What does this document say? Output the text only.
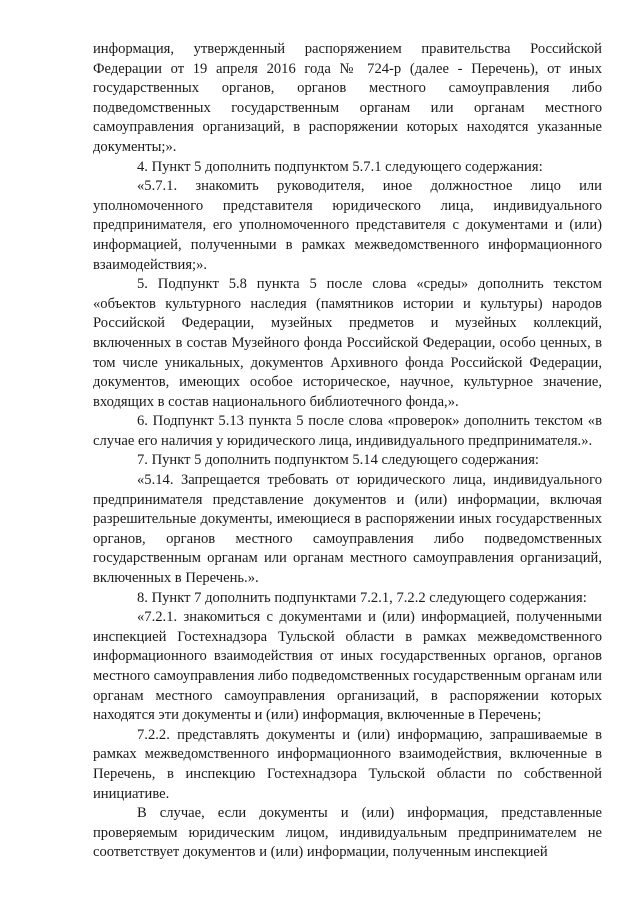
информация, утвержденный распоряжением правительства Российской Федерации от 19 апреля 2016 года № 724-р (далее - Перечень), от иных государственных органов, органов местного самоуправления либо подведомственных государственным органам или органам местного самоуправления организаций, в распоряжении которых находятся указанные документы;».

4. Пункт 5 дополнить подпунктом 5.7.1 следующего содержания:

«5.7.1. знакомить руководителя, иное должностное лицо или уполномоченного представителя юридического лица, индивидуального предпринимателя, его уполномоченного представителя с документами и (или) информацией, полученными в рамках межведомственного информационного взаимодействия;».

5. Подпункт 5.8 пункта 5 после слова «среды» дополнить текстом «объектов культурного наследия (памятников истории и культуры) народов Российской Федерации, музейных предметов и музейных коллекций, включенных в состав Музейного фонда Российской Федерации, особо ценных, в том числе уникальных, документов Архивного фонда Российской Федерации, документов, имеющих особое историческое, научное, культурное значение, входящих в состав национального библиотечного фонда,».

6. Подпункт 5.13 пункта 5 после слова «проверок» дополнить текстом «в случае его наличия у юридического лица, индивидуального предпринимателя.».

7. Пункт 5 дополнить подпунктом 5.14 следующего содержания:

«5.14. Запрещается требовать от юридического лица, индивидуального предпринимателя представление документов и (или) информации, включая разрешительные документы, имеющиеся в распоряжении иных государственных органов, органов местного самоуправления либо подведомственных государственным органам или органам местного самоуправления организаций, включенных в Перечень.».

8. Пункт 7 дополнить подпунктами 7.2.1, 7.2.2 следующего содержания:

«7.2.1. знакомиться с документами и (или) информацией, полученными инспекцией Гостехнадзора Тульской области в рамках межведомственного информационного взаимодействия от иных государственных органов, органов местного самоуправления либо подведомственных государственным органам или органам местного самоуправления организаций, в распоряжении которых находятся эти документы и (или) информация, включенные в Перечень;

7.2.2. представлять документы и (или) информацию, запрашиваемые в рамках межведомственного информационного взаимодействия, включенные в Перечень, в инспекцию Гостехнадзора Тульской области по собственной инициативе.

В случае, если документы и (или) информация, представленные проверяемым юридическим лицом, индивидуальным предпринимателем не соответствует документов и (или) информации, полученным инспекцией
